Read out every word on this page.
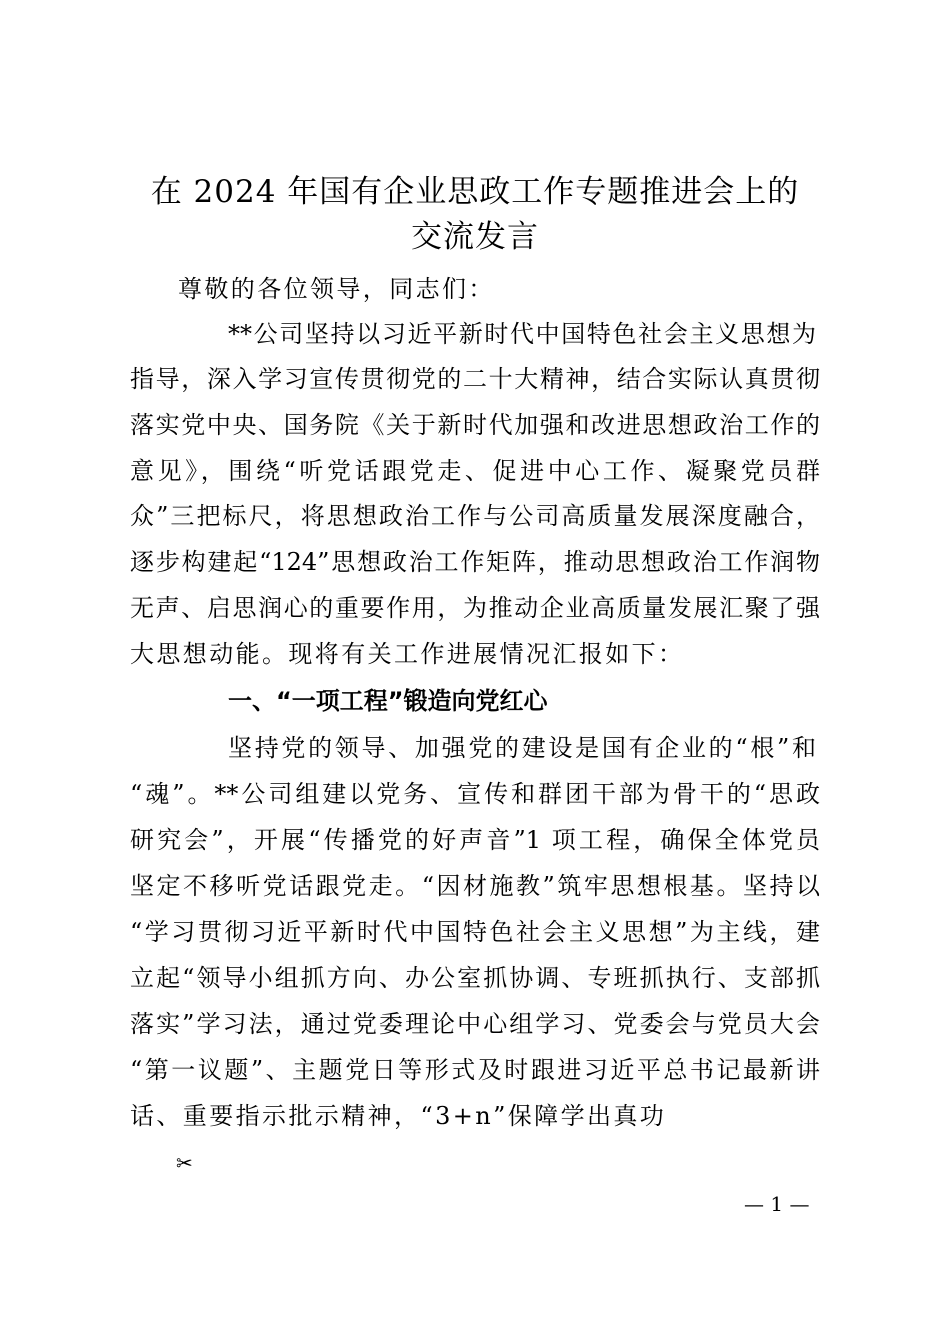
在 2024 年国有企业思政工作专题推进会上的
交流发言
尊敬的各位领导，同志们：
**公司坚持以习近平新时代中国特色社会主义思想为
指导，深入学习宣传贯彻党的二十大精神，结合实际认真贯彻
落实党中央、国务院《关于新时代加强和改进思想政治工作的
意见》，围绕“听党话跟党走、促进中心工作、凝聚党员群
众”三把标尺，将思想政治工作与公司高质量发展深度融合，
逐步构建起“124”思想政治工作矩阵，推动思想政治工作润物
无声、启思润心的重要作用，为推动企业高质量发展汇聚了强
大思想动能。现将有关工作进展情况汇报如下：
一、“一项工程”锻造向党红心
坚持党的领导、加强党的建设是国有企业的“根”和
“魂”。**公司组建以党务、宣传和群团干部为骨干的“思政
研究会”，开展“传播党的好声音”1 项工程，确保全体党员
坚定不移听党话跟党走。“因材施教”筑牢思想根基。坚持以
“学习贯彻习近平新时代中国特色社会主义思想”为主线，建
立起“领导小组抓方向、办公室抓协调、专班抓执行、支部抓
落实”学习法，通过党委理论中心组学习、党委会与党员大会
“第一议题”、主题党日等形式及时跟进习近平总书记最新讲
话、重要指示批示精神，“3+n”保障学出真功
✂
— 1 —
